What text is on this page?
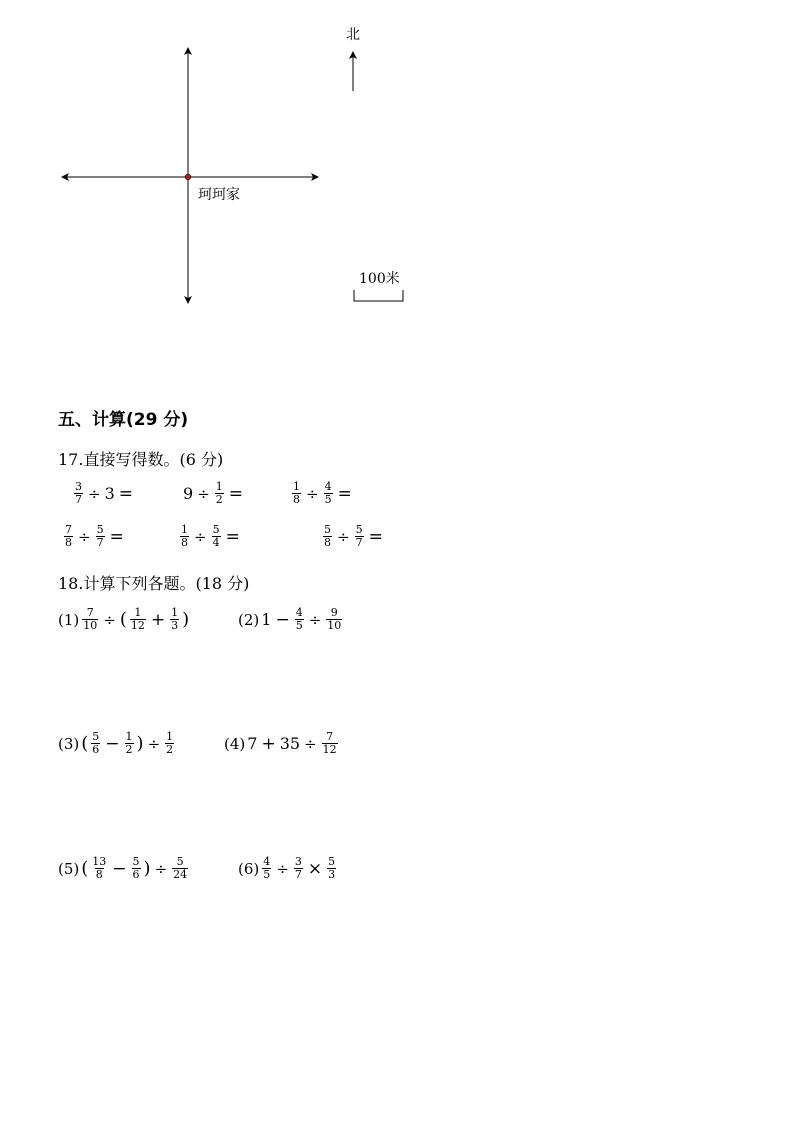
北
珂珂家
100米
五、计算(29 分)
17.直接写得数。(6 分)
$\frac{3}{7} \div 3$ =	$9 \div \frac{1}{2}$ =	$\frac{1}{8} \div \frac{4}{5}$ =
$\frac{7}{8} \div \frac{5}{7}$ =	$\frac{1}{8} \div \frac{5}{4}$ =	$\frac{5}{8} \div \frac{5}{7}$ =
18.计算下列各题。(18 分)
$(1) \frac{7}{10}$ ÷ ( $\frac{1}{12} + \frac{1}{3}$ )	(2) $1 - \frac{4}{5} \div \frac{9}{10}$
(3) ( $\frac{5}{6} - \frac{1}{2}$ ) ÷ $\frac{1}{2}$	(4) $7 + 35 \div \frac{7}{12}$
(5) ( $\frac{13}{8} - \frac{5}{6}$ ) ÷ $\frac{5}{24}$	$(6) \frac{4}{5} \div \frac{3}{7} \times \frac{5}{3}$
